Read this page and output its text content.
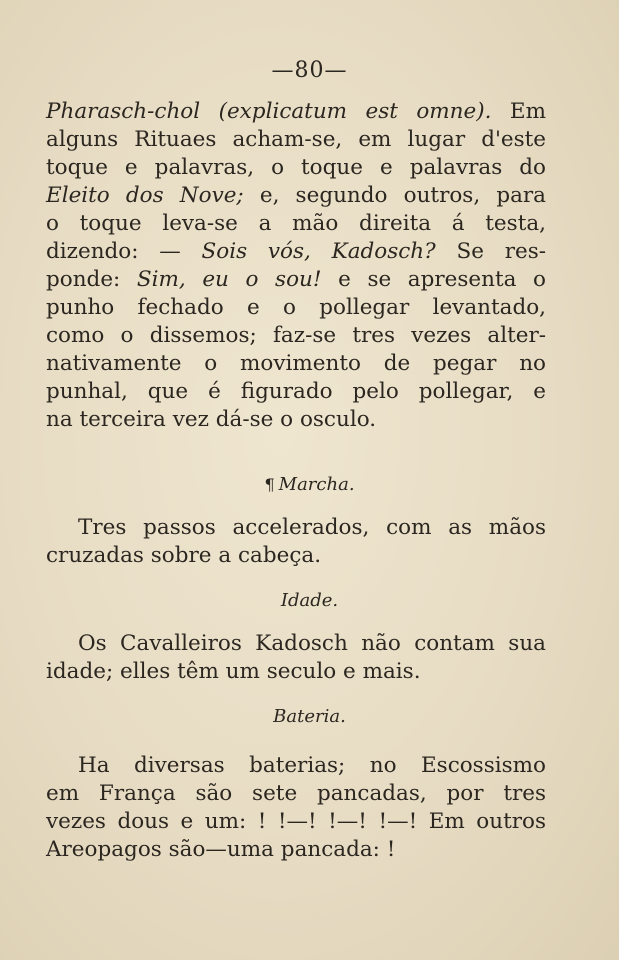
—80—
Pharasch-chol (explicatum est omne). Em
alguns Rituaes acham-se, em lugar d'este
toque e palavras, o toque e palavras do
Eleito dos Nove; e, segundo outros, para
o toque leva-se a mão direita á testa,
dizendo: — Sois vós, Kadosch? Se res-
ponde: Sim, eu o sou! e se apresenta o
punho fechado e o pollegar levantado,
como o dissemos; faz-se tres vezes alter-
nativamente o movimento de pegar no
punhal, que é figurado pelo pollegar, e
na terceira vez dá-se o osculo.
¶ Marcha.
Tres passos accelerados, com as mãos
cruzadas sobre a cabeça.
Idade.
Os Cavalleiros Kadosch não contam sua
idade; elles têm um seculo e mais.
Bateria.
Ha diversas baterias; no Escossismo
em França são sete pancadas, por tres
vezes dous e um: ! !—! !—! !—! Em outros
Areopagos são—uma pancada: !
